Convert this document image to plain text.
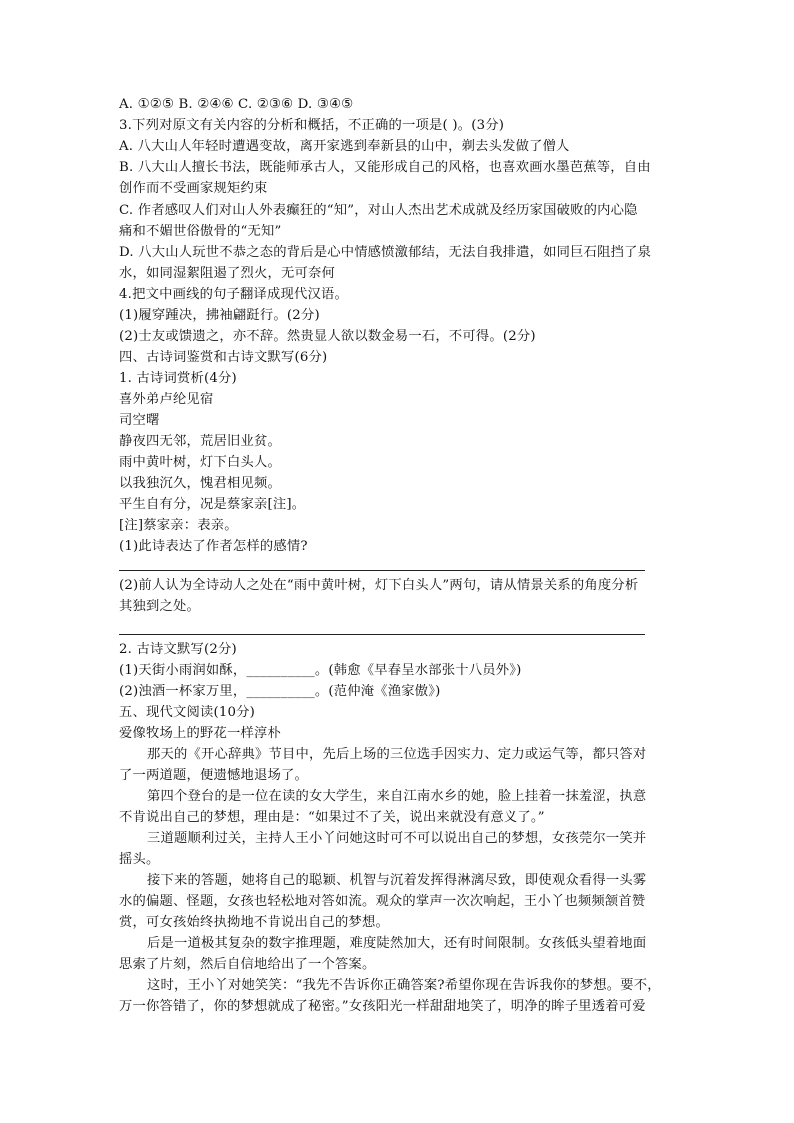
A. ①②⑤ B. ②④⑥ C. ②③⑥ D. ③④⑤
3.下列对原文有关内容的分析和概括，不正确的一项是( )。(3分)
A. 八大山人年轻时遭遇变故，离开家逃到奉新县的山中，剃去头发做了僧人
B. 八大山人擅长书法，既能师承古人，又能形成自己的风格，也喜欢画水墨芭蕉等，自由
创作而不受画家规矩约束
C. 作者感叹人们对山人外表癫狂的“知”，对山人杰出艺术成就及经历家国破败的内心隐
痛和不媚世俗傲骨的“无知”
D. 八大山人玩世不恭之态的背后是心中情感愤激郁结，无法自我排遣，如同巨石阻挡了泉
水，如同湿絮阻遏了烈火，无可奈何
4.把文中画线的句子翻译成现代汉语。
(1)履穿踵决，拂袖翩跹行。(2分)
(2)士友或馈遗之，亦不辞。然贵显人欲以数金易一石，不可得。(2分)
四、古诗词鉴赏和古诗文默写(6分)
1. 古诗词赏析(4分)
喜外弟卢纶见宿
司空曙
静夜四无邻，荒居旧业贫。
雨中黄叶树，灯下白头人。
以我独沉久，愧君相见频。
平生自有分，况是蔡家亲[注]。
[注]蔡家亲：表亲。
(1)此诗表达了作者怎样的感情?
(2)前人认为全诗动人之处在“雨中黄叶树，灯下白头人”两句，请从情景关系的角度分析
其独到之处。
2. 古诗文默写(2分)
(1)天街小雨润如酥，__________。(韩愈《早春呈水部张十八员外》)
(2)浊酒一杯家万里，__________。(范仲淹《渔家傲》)
五、现代文阅读(10分)
爱像牧场上的野花一样淳朴
那天的《开心辞典》节目中，先后上场的三位选手因实力、定力或运气等，都只答对
了一两道题，便遗憾地退场了。
第四个登台的是一位在读的女大学生，来自江南水乡的她，脸上挂着一抹羞涩，执意
不肯说出自己的梦想，理由是：“如果过不了关，说出来就没有意义了。”
三道题顺利过关，主持人王小丫问她这时可不可以说出自己的梦想，女孩莞尔一笑并
摇头。
接下来的答题，她将自己的聪颖、机智与沉着发挥得淋漓尽致，即使观众看得一头雾
水的偏题、怪题，女孩也轻松地对答如流。观众的掌声一次次响起，王小丫也频频颔首赞
赏，可女孩始终执拗地不肯说出自己的梦想。
后是一道极其复杂的数字推理题，难度陡然加大，还有时间限制。女孩低头望着地面
思索了片刻，然后自信地给出了一个答案。
这时，王小丫对她笑笑：“我先不告诉你正确答案?希望你现在告诉我你的梦想。要不，
万一你答错了，你的梦想就成了秘密。”女孩阳光一样甜甜地笑了，明净的眸子里透着可爱
